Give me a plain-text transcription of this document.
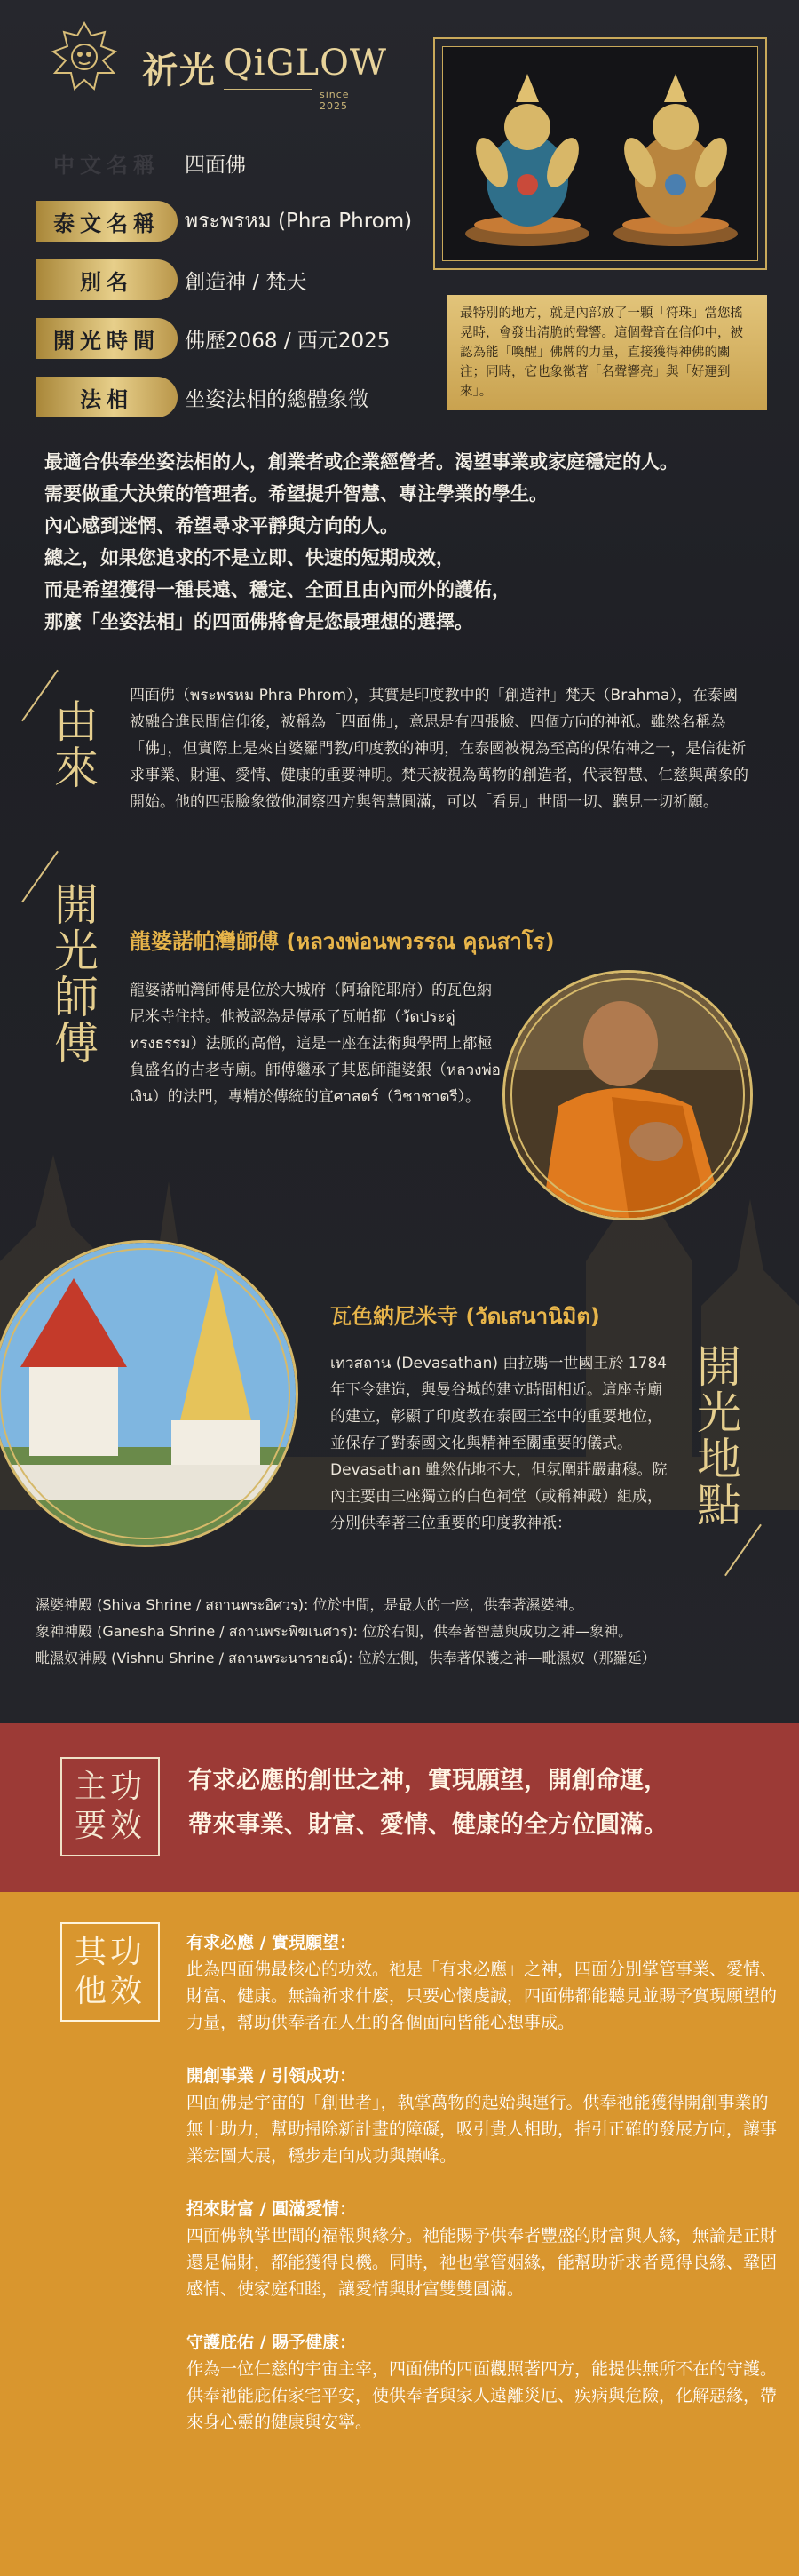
祈光 QiGLOW
since 2025
中文名稱	四面佛
泰文名稱	พระพรหม (Phra Phrom)
別名	創造神 / 梵天
開光時間	佛歷2068 / 西元2025
法相	坐姿法相的總體象徵
最特別的地方，就是內部放了一顆「符珠」當您搖晃時，會發出清脆的聲響。這個聲音在信仰中，被認為能「喚醒」佛牌的力量，直接獲得神佛的關注；同時，它也象徵著「名聲響亮」與「好運到來」。

最適合供奉坐姿法相的人，創業者或企業經營者。渴望事業或家庭穩定的人。

需要做重大決策的管理者。希望提升智慧、專注學業的學生。

內心感到迷惘、希望尋求平靜與方向的人。

總之，如果您追求的不是立即、快速的短期成效，

而是希望獲得一種長遠、穩定、全面且由內而外的護佑，

那麼「坐姿法相」的四面佛將會是您最理想的選擇。

由來
四面佛（พระพรหม Phra Phrom），其實是印度教中的「創造神」梵天（Brahma），在泰國被融合進民間信仰後，被稱為「四面佛」，意思是有四張臉、四個方向的神祇。雖然名稱為「佛」，但實際上是來自婆羅門教/印度教的神明，在泰國被視為至高的保佑神之一，是信徒祈求事業、財運、愛情、健康的重要神明。梵天被視為萬物的創造者，代表智慧、仁慈與萬象的開始。他的四張臉象徵他洞察四方與智慧圓滿，可以「看見」世間一切、聽見一切祈願。
開光師傅 龍婆諾帕灣師傅 (หลวงพ่อนพวรรณ คุณสาโร)
龍婆諾帕灣師傅是位於大城府（阿瑜陀耶府）的瓦色納尼米寺住持。他被認為是傳承了瓦帕都（วัดประดู่ทรงธรรม）法脈的高僧，這是一座在法術與學問上都極負盛名的古老寺廟。師傅繼承了其恩師龍婆銀（หลวงพ่อเงิน）的法門，專精於傳統的宜ศาสตร์（วิชาชาตรี）。
瓦色納尼米寺 (วัดเสนานิมิต)
เทวสถาน (Devasathan) 由拉瑪一世國王於 1784 年下令建造，與曼谷城的建立時間相近。這座寺廟的建立，彰顯了印度教在泰國王室中的重要地位，並保存了對泰國文化與精神至關重要的儀式。Devasathan 雖然佔地不大，但氛圍莊嚴肅穆。院內主要由三座獨立的白色祠堂（或稱神殿）組成，分別供奉著三位重要的印度教神祇：	開光地點

濕婆神殿 (Shiva Shrine / สถานพระอิศวร): 位於中間，是最大的一座，供奉著濕婆神。

象神神殿 (Ganesha Shrine / สถานพระพิฆเนศวร): 位於右側，供奉著智慧與成功之神—象神。

毗濕奴神殿 (Vishnu Shrine / สถานพระนารายณ์): 位於左側，供奉著保護之神—毗濕奴（那羅延）

主功
要效

有求必應的創世之神，實現願望，開創命運，

帶來事業、財富、愛情、健康的全方位圓滿。

其功
他效
有求必應 / 實現願望：
此為四面佛最核心的功效。祂是「有求必應」之神，四面分別掌管事業、愛情、財富、健康。無論祈求什麼，只要心懷虔誠，四面佛都能聽見並賜予實現願望的力量，幫助供奉者在人生的各個面向皆能心想事成。
開創事業 / 引領成功：
四面佛是宇宙的「創世者」，執掌萬物的起始與運行。供奉祂能獲得開創事業的無上助力，幫助掃除新計畫的障礙，吸引貴人相助，指引正確的發展方向，讓事業宏圖大展，穩步走向成功與巔峰。
招來財富 / 圓滿愛情：
四面佛執掌世間的福報與緣分。祂能賜予供奉者豐盛的財富與人緣，無論是正財還是偏財，都能獲得良機。同時，祂也掌管姻緣，能幫助祈求者覓得良緣、鞏固感情、使家庭和睦，讓愛情與財富雙雙圓滿。
守護庇佑 / 賜予健康：
作為一位仁慈的宇宙主宰，四面佛的四面觀照著四方，能提供無所不在的守護。供奉祂能庇佑家宅平安，使供奉者與家人遠離災厄、疾病與危險，化解惡緣，帶來身心靈的健康與安寧。
